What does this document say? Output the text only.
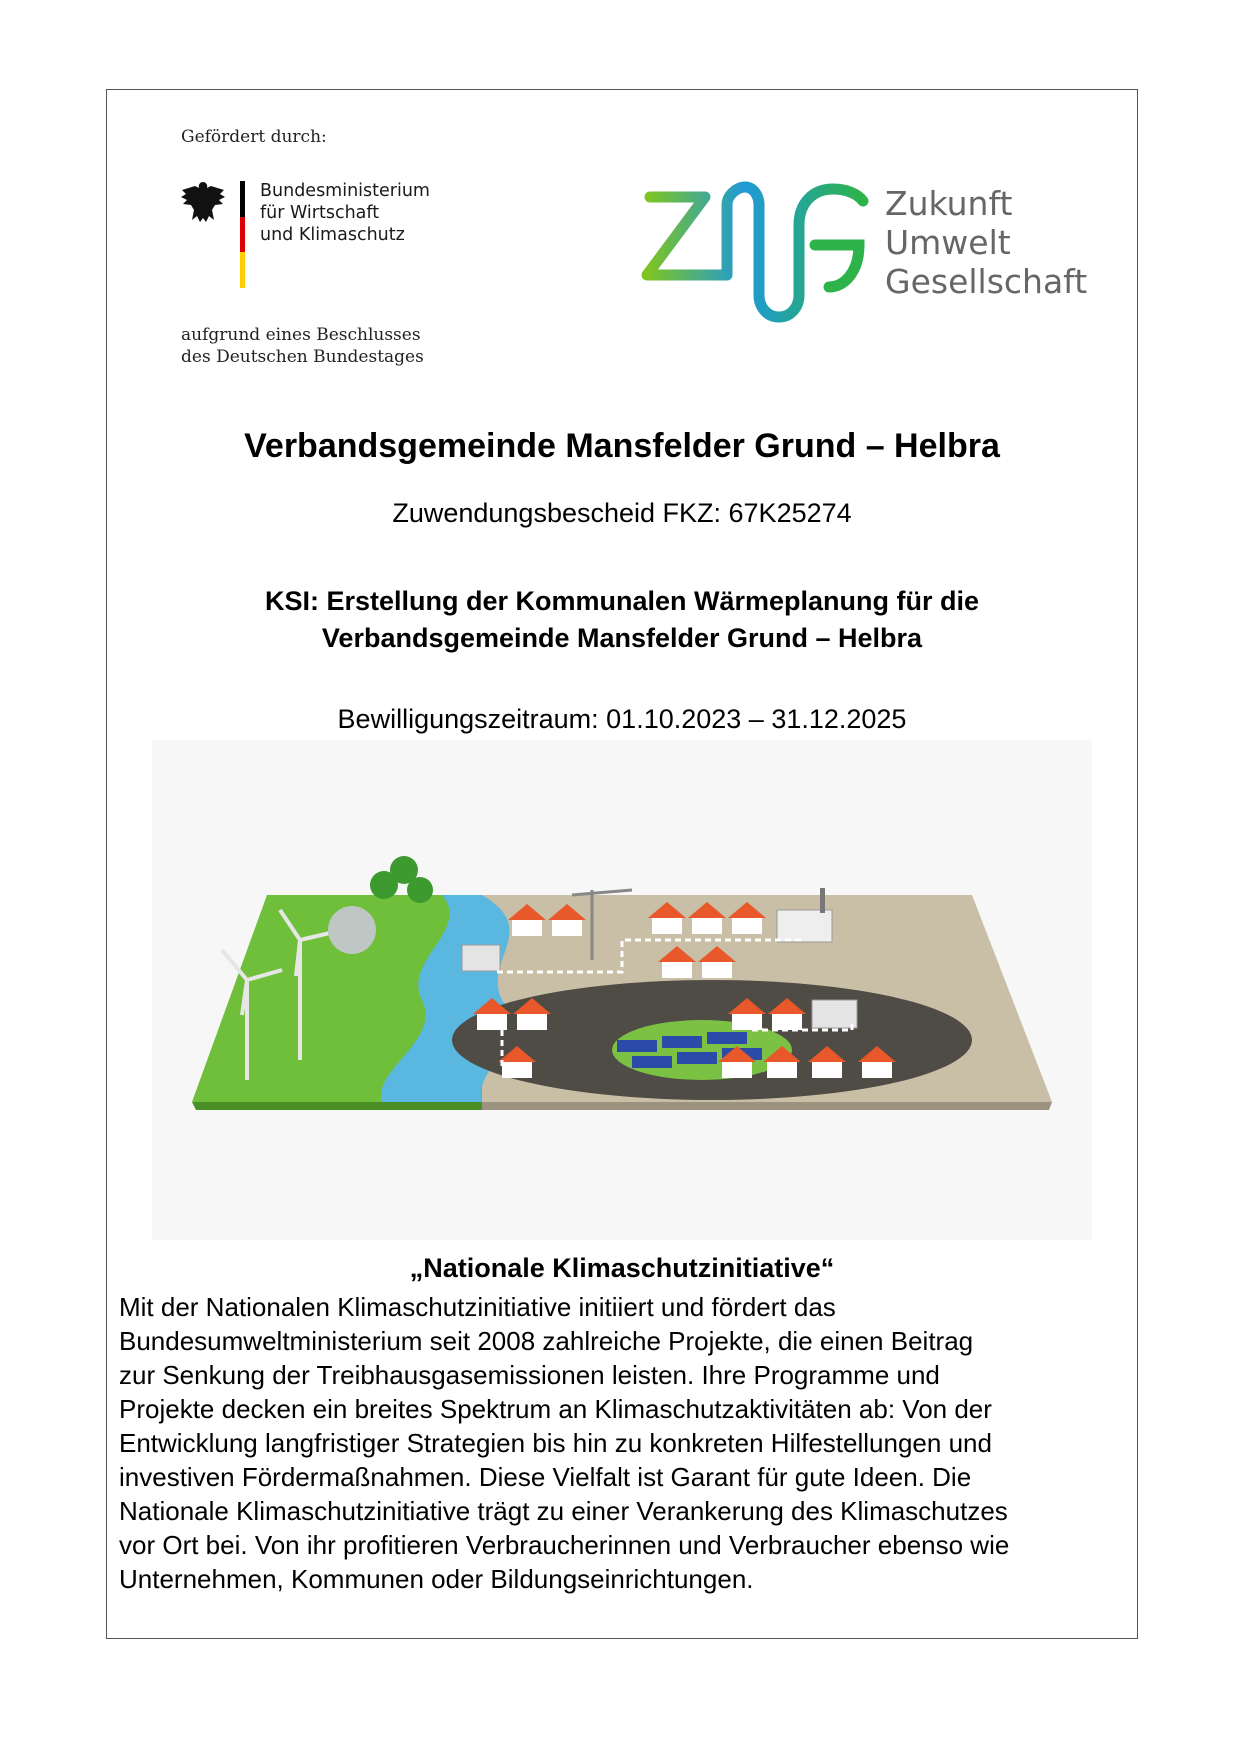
Gefördert durch:
Bundesministerium
für Wirtschaft
und Klimaschutz
aufgrund eines Beschlusses
des Deutschen Bundestages
Zukunft
Umwelt
Gesellschaft
Verbandsgemeinde Mansfelder Grund – Helbra
Zuwendungsbescheid FKZ: 67K25274
KSI: Erstellung der Kommunalen Wärmeplanung für die
Verbandsgemeinde Mansfelder Grund – Helbra
Bewilligungszeitraum: 01.10.2023 – 31.12.2025
„Nationale Klimaschutzinitiative“
Mit der Nationalen Klimaschutzinitiative initiiert und fördert das
Bundesumweltministerium seit 2008 zahlreiche Projekte, die einen Beitrag
zur Senkung der Treibhausgasemissionen leisten. Ihre Programme und
Projekte decken ein breites Spektrum an Klimaschutzaktivitäten ab: Von der
Entwicklung langfristiger Strategien bis hin zu konkreten Hilfestellungen und
investiven Fördermaßnahmen. Diese Vielfalt ist Garant für gute Ideen. Die
Nationale Klimaschutzinitiative trägt zu einer Verankerung des Klimaschutzes
vor Ort bei. Von ihr profitieren Verbraucherinnen und Verbraucher ebenso wie
Unternehmen, Kommunen oder Bildungseinrichtungen.
